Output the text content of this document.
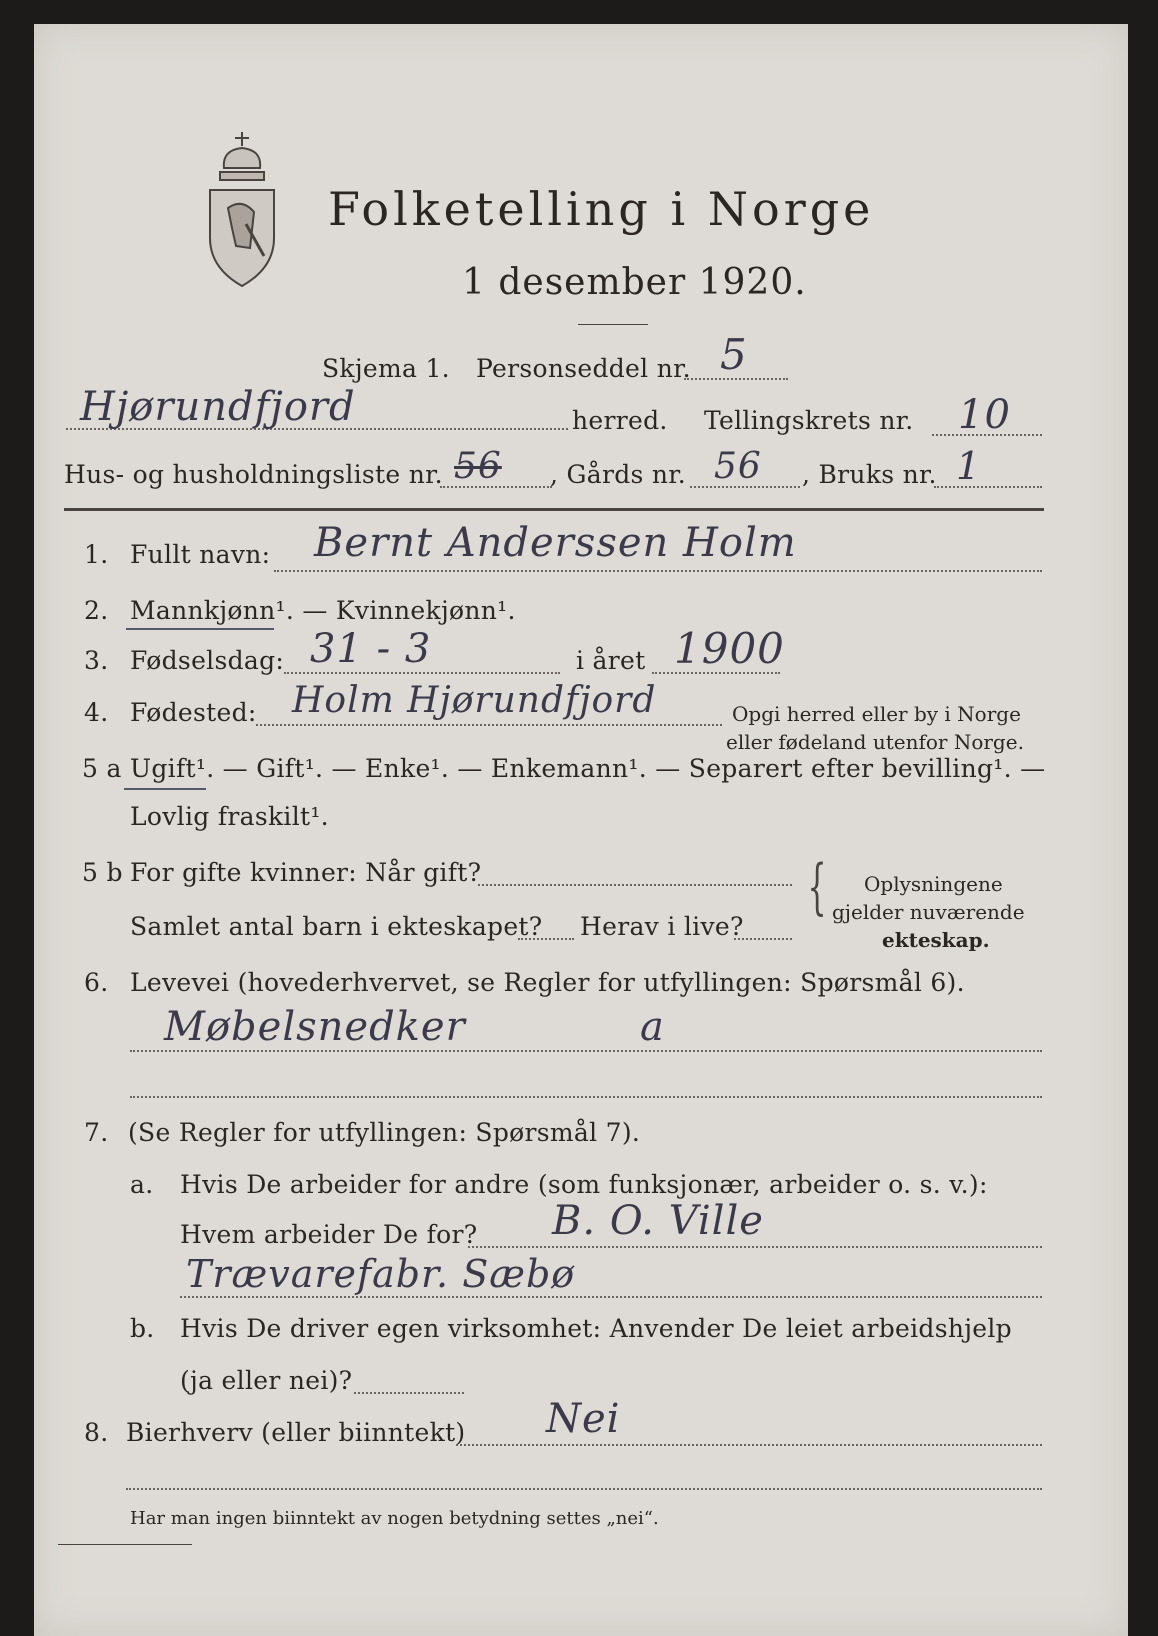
Folketelling i Norge
1 desember 1920.
Skjema 1. Personseddel nr. 5
Hjørundfjord	herred. Tellingskrets nr. 10
Hus- og husholdningsliste nr. 56 , Gårds nr. 56 , Bruks nr. 1
1. Fullt navn: Bernt Anderssen Holm
2. Mannkjønn¹. — Kvinnekjønn¹.
3. Fødselsdag: 31 - 3	i året 1900
4. Fødested: Holm Hjørundfjord	Opgi herred eller by i Norge
eller fødeland utenfor Norge.
5 a Ugift¹. — Gift¹. — Enke¹. — Enkemann¹. — Separert efter bevilling¹. —
Lovlig fraskilt¹.
5 b For gifte kvinner: Når gift?
Samlet antal barn i ekteskapet? Herav i live?
{ Oplysningene
gjelder nuværende
ekteskap.
6. Levevei (hovederhvervet, se Regler for utfyllingen: Spørsmål 6).
Møbelsnedker	a
7. (Se Regler for utfyllingen: Spørsmål 7).
a. Hvis De arbeider for andre (som funksjonær, arbeider o. s. v.):
Hvem arbeider De for? B. O. Ville
Trævarefabr. Sæbø
b. Hvis De driver egen virksomhet: Anvender De leiet arbeidshjelp
(ja eller nei)?
8. Bierhverv (eller biinntekt) Nei
Har man ingen biinntekt av nogen betydning settes „nei“.
